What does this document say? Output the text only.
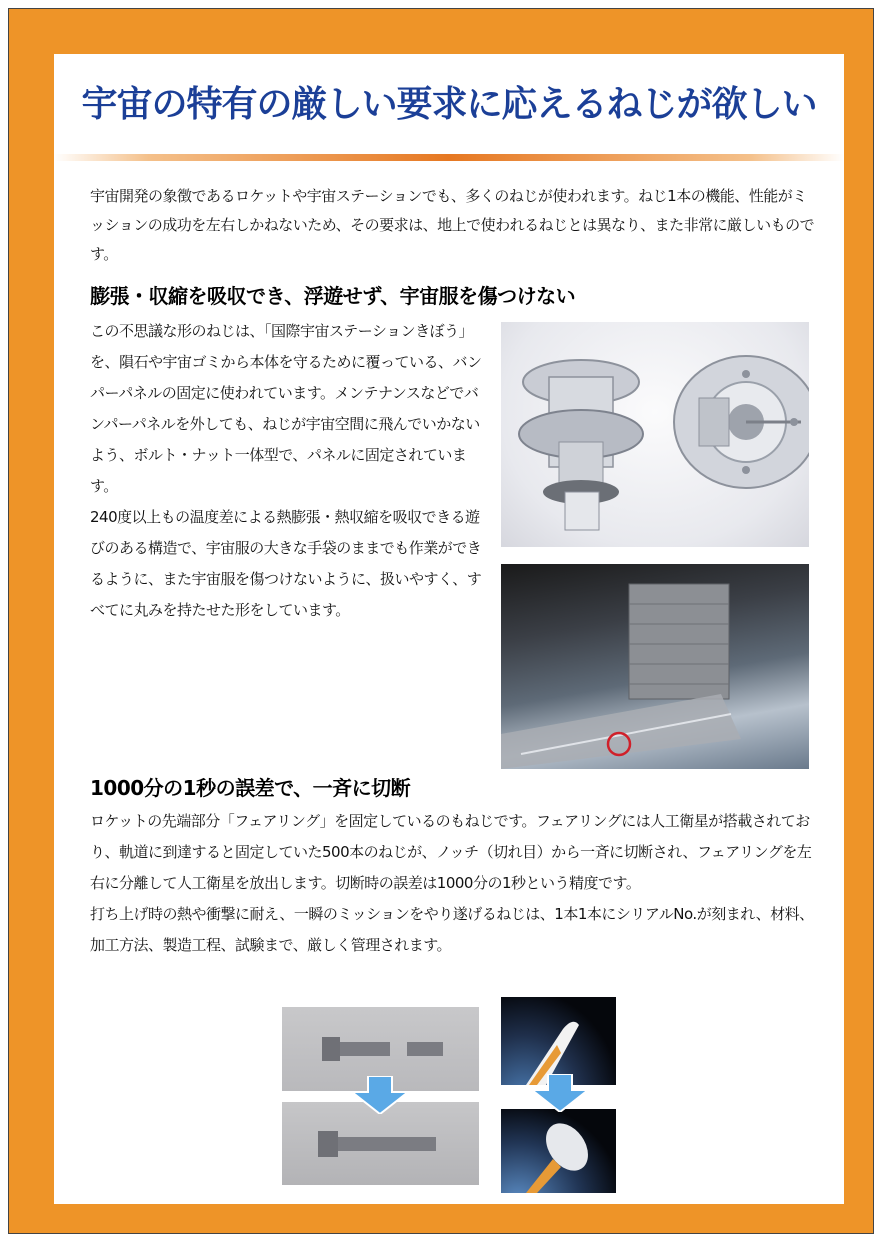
宇宙の特有の厳しい要求に応えるねじが欲しい
宇宙開発の象徴であるロケットや宇宙ステーションでも、多くのねじが使われます。ねじ1本の機能、性能がミッションの成功を左右しかねないため、その要求は、地上で使われるねじとは異なり、また非常に厳しいものです。
膨張・収縮を吸収でき、浮遊せず、宇宙服を傷つけない

この不思議な形のねじは、「国際宇宙ステーションきぼう」を、隕石や宇宙ゴミから本体を守るために覆っている、バンパーパネルの固定に使われています。メンテナンスなどでバンパーパネルを外しても、ねじが宇宙空間に飛んでいかないよう、ボルト・ナット一体型で、パネルに固定されています。

240度以上もの温度差による熱膨張・熱収縮を吸収できる遊びのある構造で、宇宙服の大きな手袋のままでも作業ができるように、また宇宙服を傷つけないように、扱いやすく、すべてに丸みを持たせた形をしています。

1000分の1秒の誤差で、一斉に切断

ロケットの先端部分「フェアリング」を固定しているのもねじです。フェアリングには人工衛星が搭載されており、軌道に到達すると固定していた500本のねじが、ノッチ（切れ目）から一斉に切断され、フェアリングを左右に分離して人工衛星を放出します。切断時の誤差は1000分の1秒という精度です。

打ち上げ時の熱や衝撃に耐え、一瞬のミッションをやり遂げるねじは、1本1本にシリアルNo.が刻まれ、材料、加工方法、製造工程、試験まで、厳しく管理されます。
